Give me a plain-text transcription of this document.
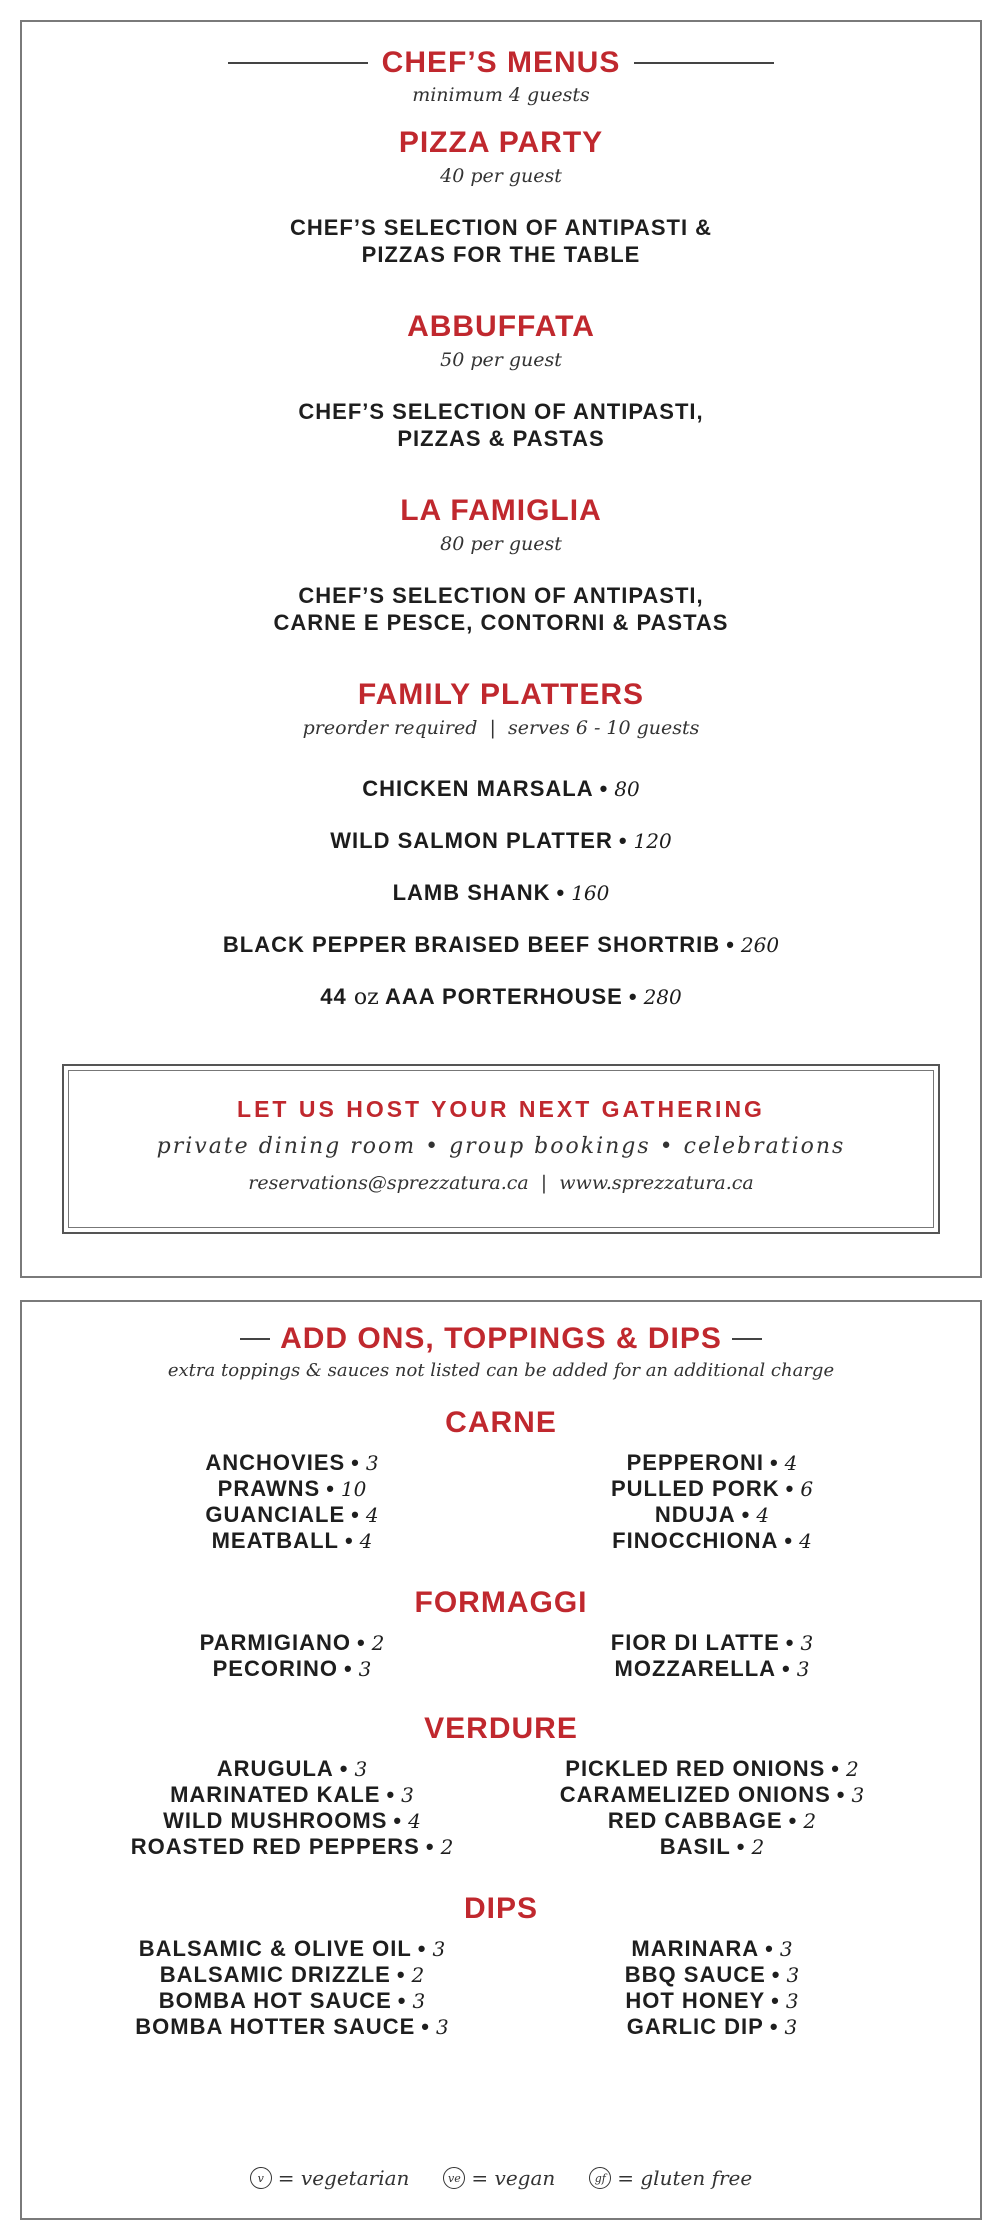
CHEF’S MENUS
minimum 4 guests
PIZZA PARTY
40 per guest
CHEF’S SELECTION OF ANTIPASTI &
PIZZAS FOR THE TABLE
ABBUFFATA
50 per guest
CHEF’S SELECTION OF ANTIPASTI,
PIZZAS & PASTAS
LA FAMIGLIA
80 per guest
CHEF’S SELECTION OF ANTIPASTI,
CARNE E PESCE, CONTORNI & PASTAS
FAMILY PLATTERS
preorder required  |  serves 6 - 10 guests
CHICKEN MARSALA • 80
WILD SALMON PLATTER • 120
LAMB SHANK • 160
BLACK PEPPER BRAISED BEEF SHORTRIB • 260
44 oz AAA PORTERHOUSE • 280
LET US HOST YOUR NEXT GATHERING
private dining room • group bookings • celebrations
reservations@sprezzatura.ca  |  www.sprezzatura.ca
ADD ONS, TOPPINGS & DIPS
extra toppings & sauces not listed can be added for an additional charge
CARNE
ANCHOVIES • 3
PRAWNS • 10
GUANCIALE • 4
MEATBALL • 4
PEPPERONI • 4
PULLED PORK • 6
NDUJA • 4
FINOCCHIONA • 4
FORMAGGI
PARMIGIANO • 2
PECORINO • 3
FIOR DI LATTE • 3
MOZZARELLA • 3
VERDURE
ARUGULA • 3
MARINATED KALE • 3
WILD MUSHROOMS • 4
ROASTED RED PEPPERS • 2
PICKLED RED ONIONS • 2
CARAMELIZED ONIONS • 3
RED CABBAGE • 2
BASIL • 2
DIPS
BALSAMIC & OLIVE OIL • 3
BALSAMIC DRIZZLE • 2
BOMBA HOT SAUCE • 3
BOMBA HOTTER SAUCE • 3
MARINARA • 3
BBQ SAUCE • 3
HOT HONEY • 3
GARLIC DIP • 3
v = vegetarian	ve = vegan	gf = gluten free
